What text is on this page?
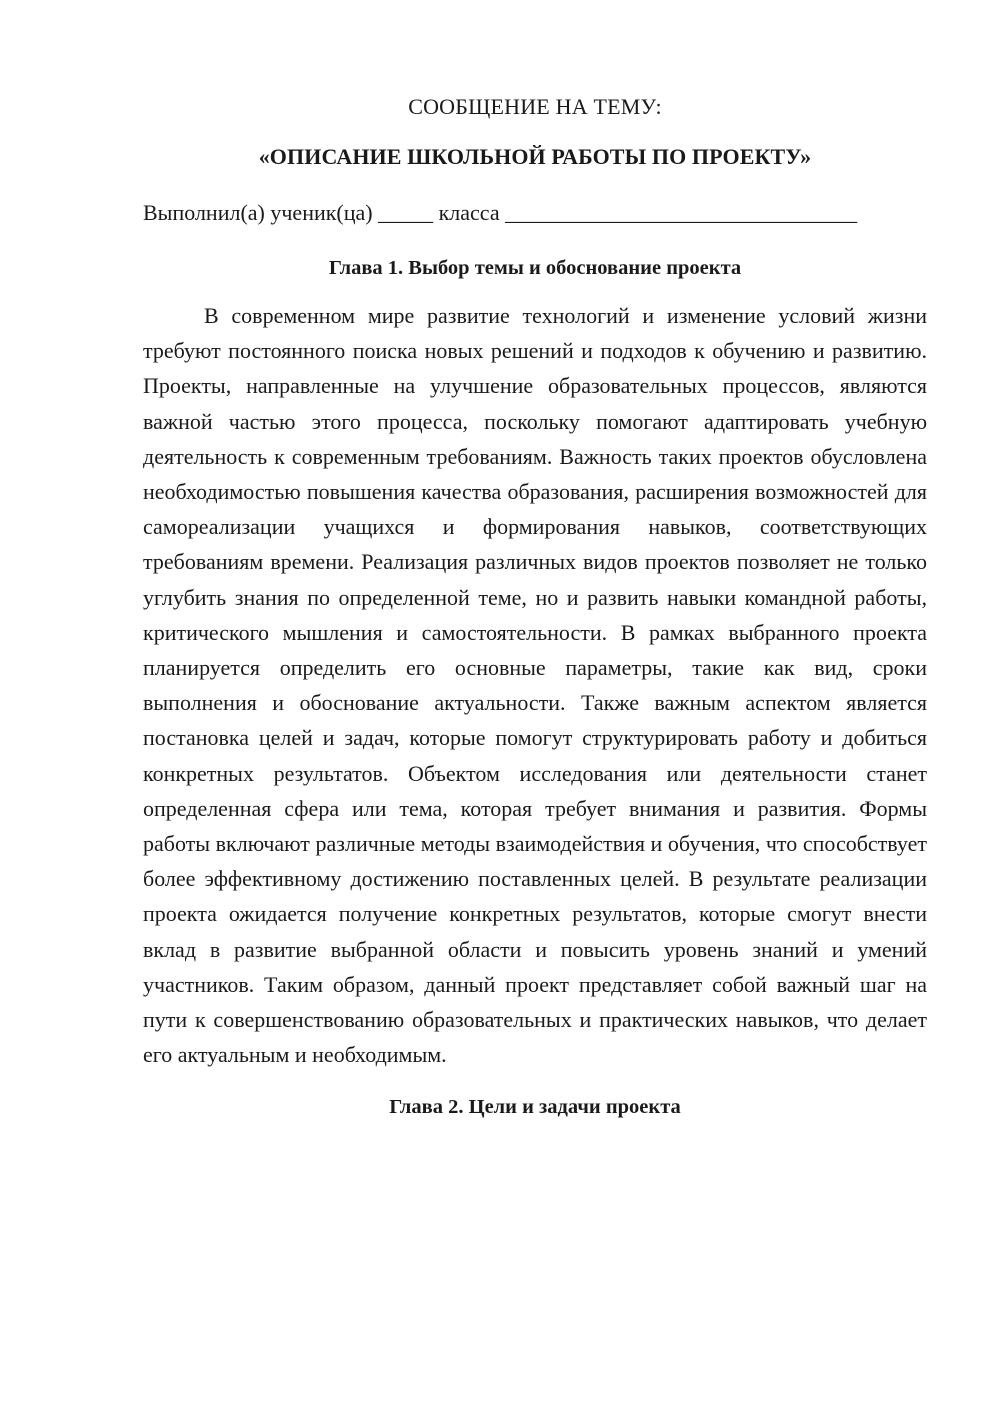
СООБЩЕНИЕ НА ТЕМУ:

«ОПИСАНИЕ ШКОЛЬНОЙ РАБОТЫ ПО ПРОЕКТУ»

Выполнил(а) ученик(ца) _____ класса ________________________________
Глава 1. Выбор темы и обоснование проекта

В современном мире развитие технологий и изменение условий жизни требуют постоянного поиска новых решений и подходов к обучению и развитию. Проекты, направленные на улучшение образовательных процессов, являются важной частью этого процесса, поскольку помогают адаптировать учебную деятельность к современным требованиям. Важность таких проектов обусловлена необходимостью повышения качества образования, расширения возможностей для самореализации учащихся и формирования навыков, соответствующих требованиям времени. Реализация различных видов проектов позволяет не только углубить знания по определенной теме, но и развить навыки командной работы, критического мышления и самостоятельности. В рамках выбранного проекта планируется определить его основные параметры, такие как вид, сроки выполнения и обоснование актуальности. Также важным аспектом является постановка целей и задач, которые помогут структурировать работу и добиться конкретных результатов. Объектом исследования или деятельности станет определенная сфера или тема, которая требует внимания и развития. Формы работы включают различные методы взаимодействия и обучения, что способствует более эффективному достижению поставленных целей. В результате реализации проекта ожидается получение конкретных результатов, которые смогут внести вклад в развитие выбранной области и повысить уровень знаний и умений участников. Таким образом, данный проект представляет собой важный шаг на пути к совершенствованию образовательных и практических навыков, что делает его актуальным и необходимым.

Глава 2. Цели и задачи проекта
